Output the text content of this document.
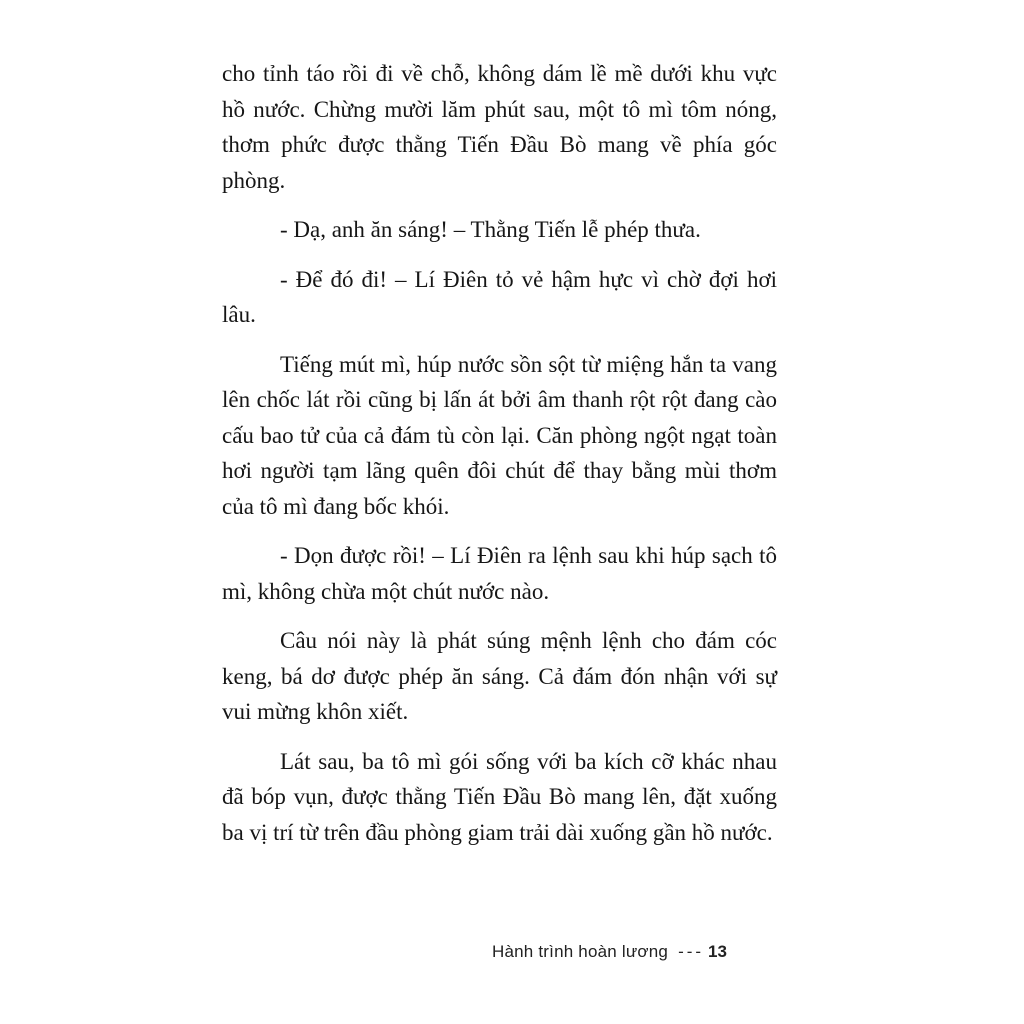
cho tỉnh táo rồi đi về chỗ, không dám lề mề dưới khu vực hồ nước. Chừng mười lăm phút sau, một tô mì tôm nóng, thơm phức được thằng Tiến Đầu Bò mang về phía góc phòng.

- Dạ, anh ăn sáng! – Thằng Tiến lễ phép thưa.

- Để đó đi! – Lí Điên tỏ vẻ hậm hực vì chờ đợi hơi lâu.

Tiếng mút mì, húp nước sồn sột từ miệng hắn ta vang lên chốc lát rồi cũng bị lấn át bởi âm thanh rột rột đang cào cấu bao tử của cả đám tù còn lại. Căn phòng ngột ngạt toàn hơi người tạm lãng quên đôi chút để thay bằng mùi thơm của tô mì đang bốc khói.

- Dọn được rồi! – Lí Điên ra lệnh sau khi húp sạch tô mì, không chừa một chút nước nào.

Câu nói này là phát súng mệnh lệnh cho đám cóc keng, bá dơ được phép ăn sáng. Cả đám đón nhận với sự vui mừng khôn xiết.

Lát sau, ba tô mì gói sống với ba kích cỡ khác nhau đã bóp vụn, được thằng Tiến Đầu Bò mang lên, đặt xuống ba vị trí từ trên đầu phòng giam trải dài xuống gần hồ nước.

Hành trình hoàn lương --- 13
